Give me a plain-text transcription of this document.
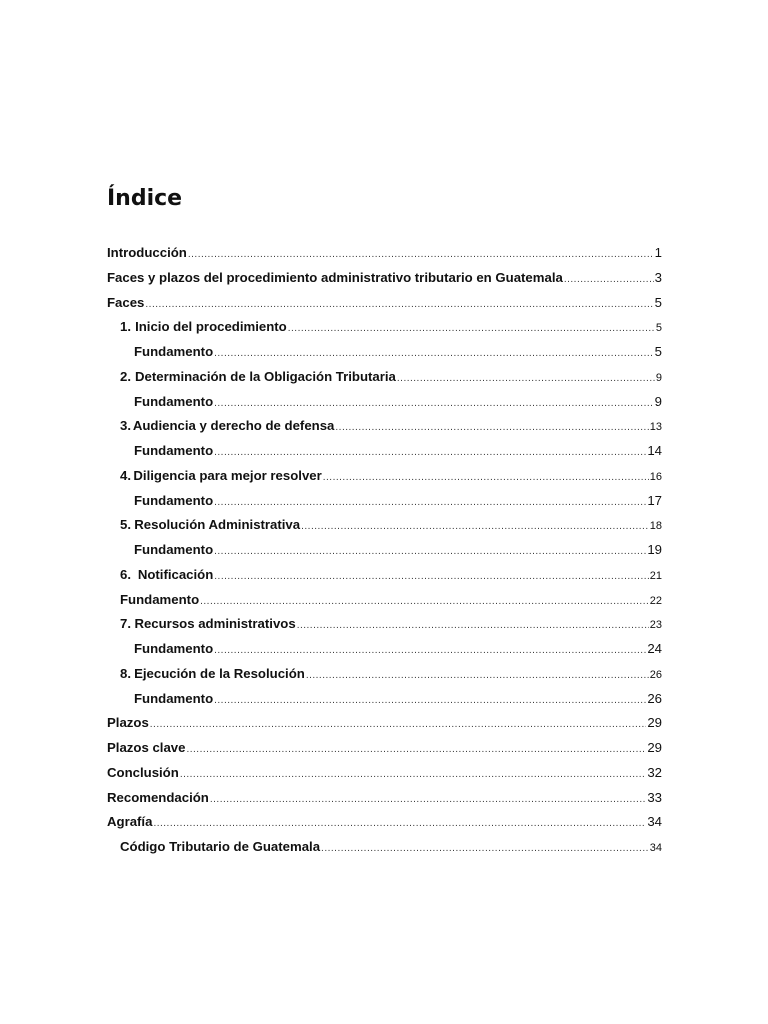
Índice
Introducción .....	1
Faces y plazos del procedimiento administrativo tributario en Guatemala .....	3
Faces .....	5
1. Inicio del procedimiento .....	5
Fundamento .....	5
2. Determinación de la Obligación Tributaria .....	9
Fundamento .....	9
3. Audiencia y derecho de defensa .....	13
Fundamento .....	14
4. Diligencia para mejor resolver .....	16
Fundamento .....	17
5. Resolución Administrativa .....	18
Fundamento .....	19
6. Notificación .....	21
Fundamento .....	22
7. Recursos administrativos .....	23
Fundamento .....	24
8. Ejecución de la Resolución .....	26
Fundamento .....	26
Plazos .....	29
Plazos clave .....	29
Conclusión .....	32
Recomendación .....	33
Agrafía .....	34
Código Tributario de Guatemala .....	34
